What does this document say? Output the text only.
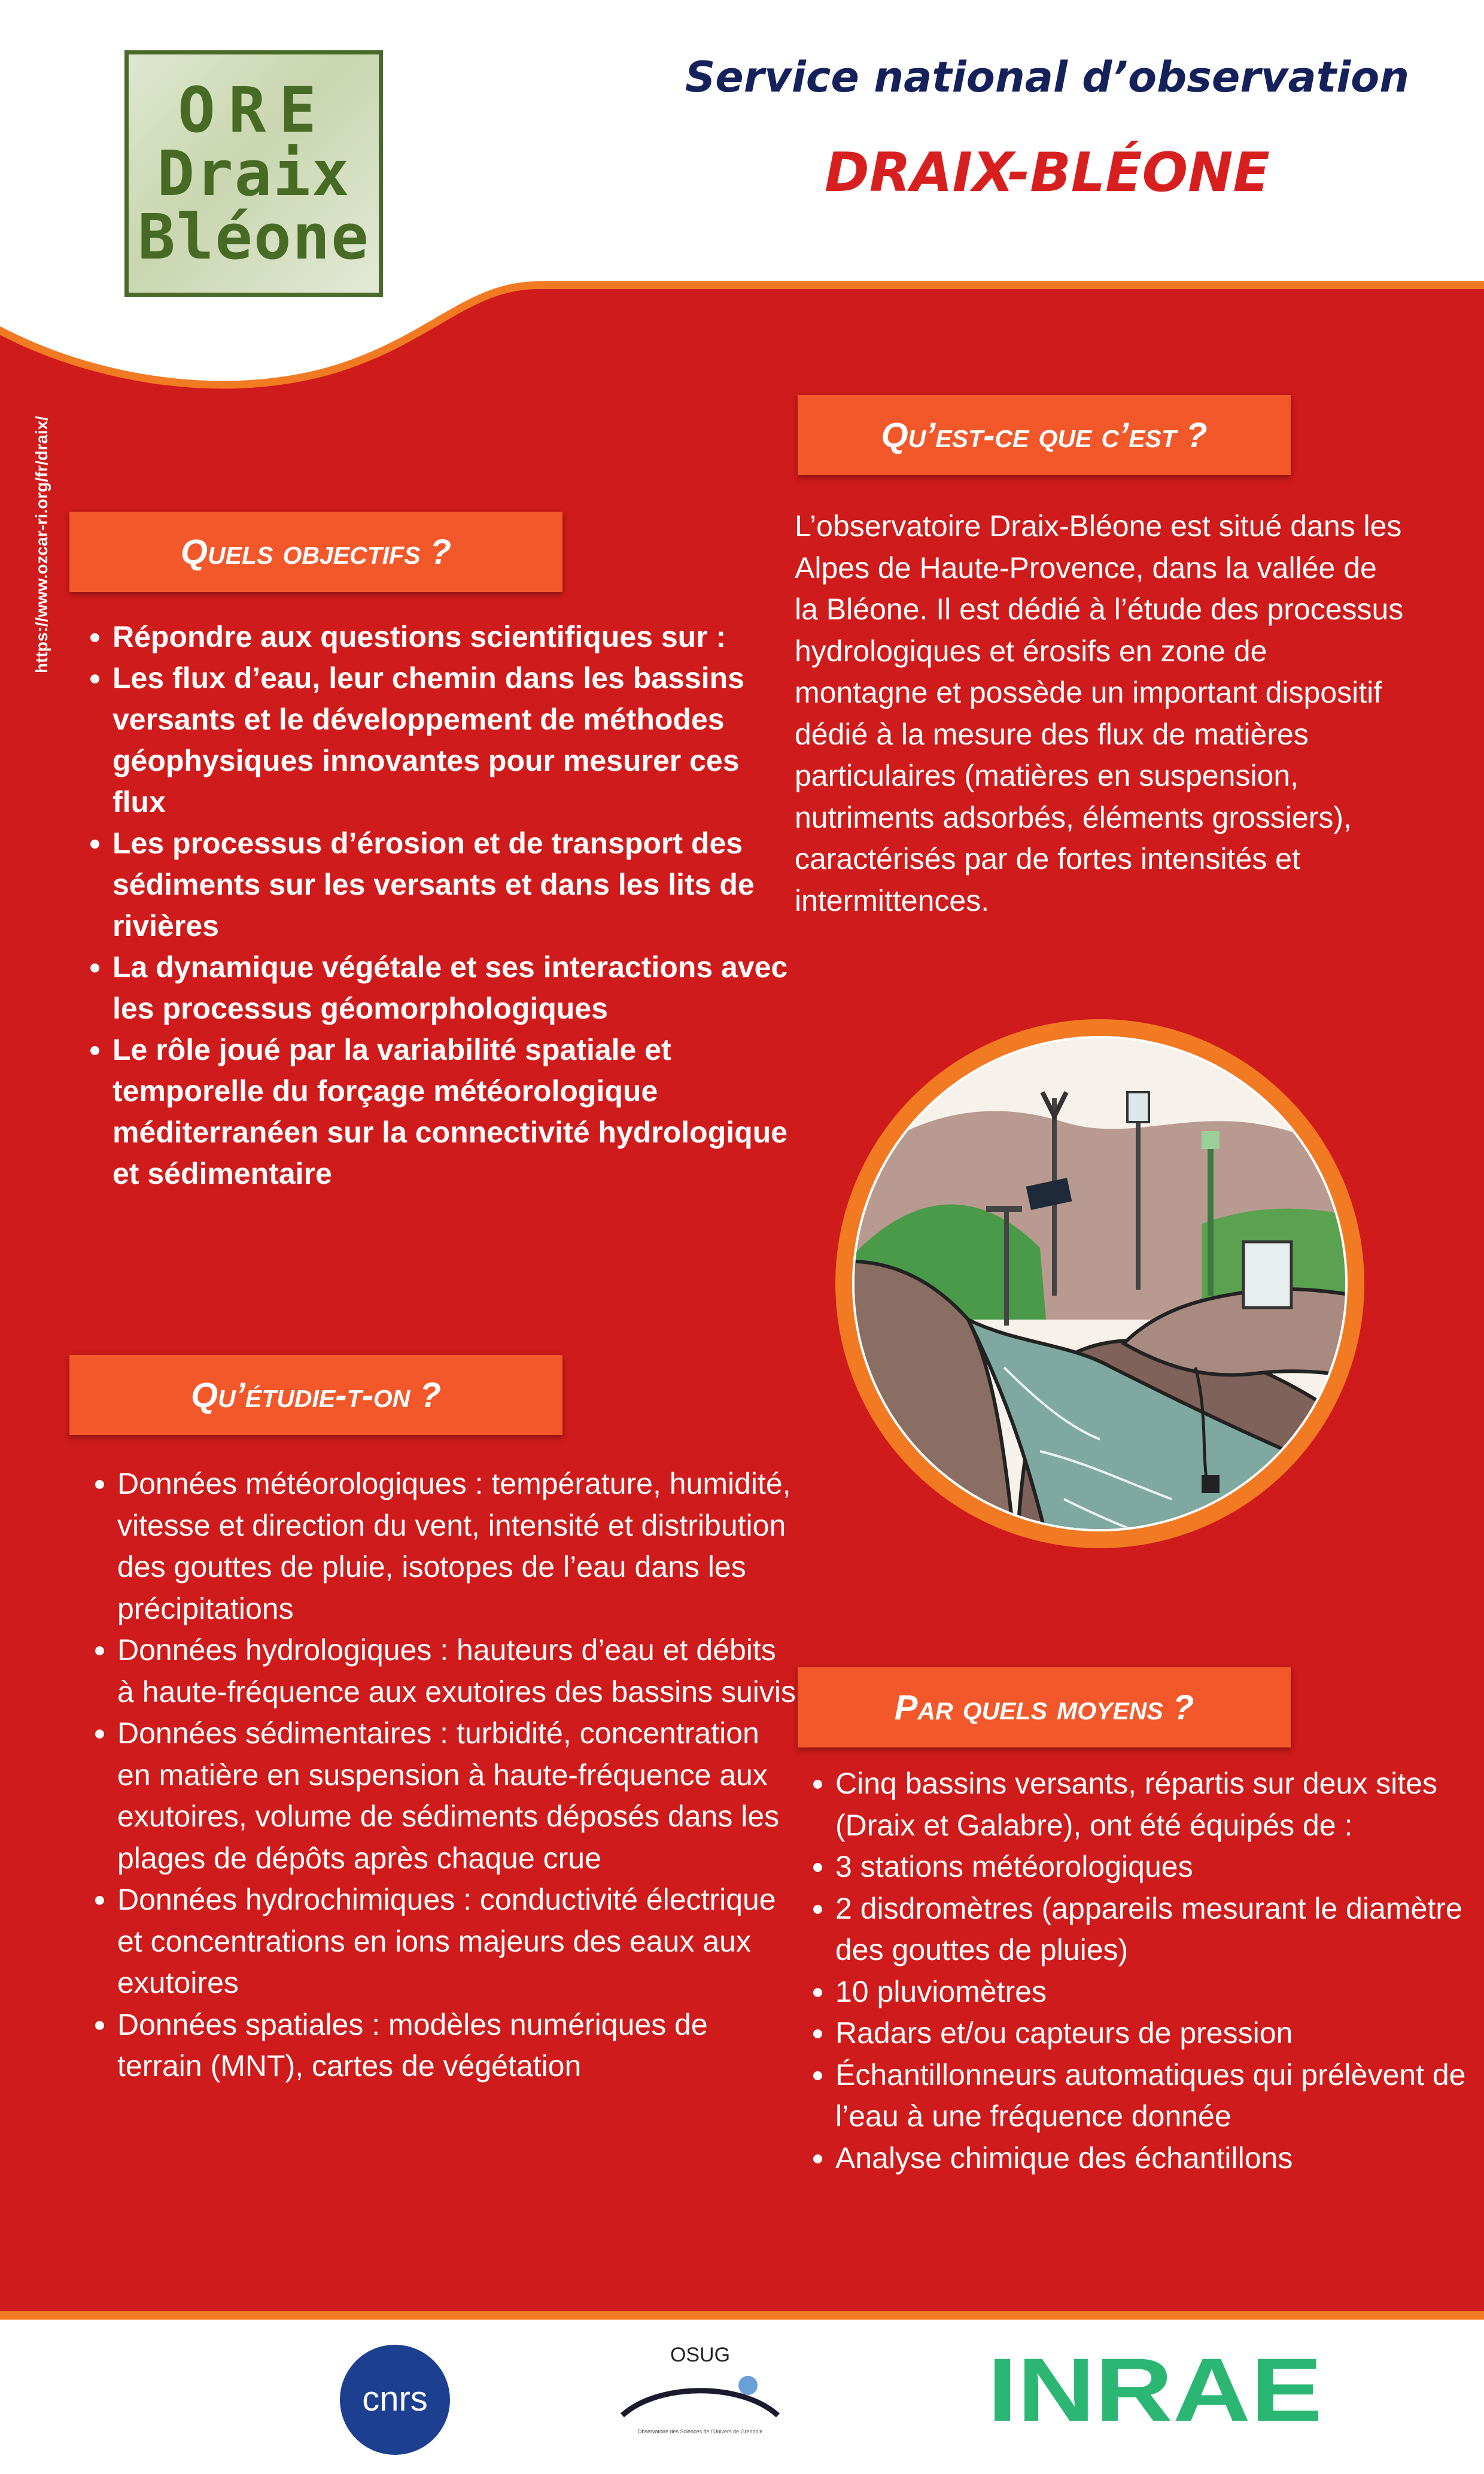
ORE
Draix
Bléone
Service national d’observation
DRAIX-BLÉONE
https://www.ozcar-ri.org/fr/draix/	Quels objectifs ?
• Répondre aux questions scientifiques sur :
• Les flux d’eau, leur chemin dans les bassins versants et le développement de méthodes géophysiques innovantes pour mesurer ces flux
• Les processus d’érosion et de transport des sédiments sur les versants et dans les lits de rivières
• La dynamique végétale et ses interactions avec les processus géomorphologiques
• Le rôle joué par la variabilité spatiale et temporelle du forçage météorologique méditerranéen sur la connectivité hydrologique et sédimentaire
Qu’est-ce que c’est ?

L’observatoire Draix-Bléone est situé dans les Alpes de Haute-Provence, dans la vallée de la Bléone. Il est dédié à l’étude des processus hydrologiques et érosifs en zone de montagne et possède un important dispositif dédié à la mesure des flux de matières particulaires (matières en suspension, nutriments adsorbés, éléments grossiers), caractérisés par de fortes intensités et intermittences.

Qu’étudie-t-on ?
• Données météorologiques : température, humidité, vitesse et direction du vent, intensité et distribution des gouttes de pluie, isotopes de l’eau dans les précipitations
• Données hydrologiques : hauteurs d’eau et débits à haute-fréquence aux exutoires des bassins suivis
• Données sédimentaires : turbidité, concentration en matière en suspension à haute-fréquence aux exutoires, volume de sédiments déposés dans les plages de dépôts après chaque crue
• Données hydrochimiques : conductivité électrique et concentrations en ions majeurs des eaux aux exutoires
• Données spatiales : modèles numériques de terrain (MNT), cartes de végétation
Par quels moyens ?
• Cinq bassins versants, répartis sur deux sites (Draix et Galabre), ont été équipés de :
• 3 stations météorologiques
• 2 disdromètres (appareils mesurant le diamètre des gouttes de pluies)
• 10 pluviomètres
• Radars et/ou capteurs de pression
• Échantillonneurs automatiques qui prélèvent de l’eau à une fréquence donnée
• Analyse chimique des échantillons
cnrs
OSUG
Observatoire des Sciences de l’Univers de Grenoble	INRAE
